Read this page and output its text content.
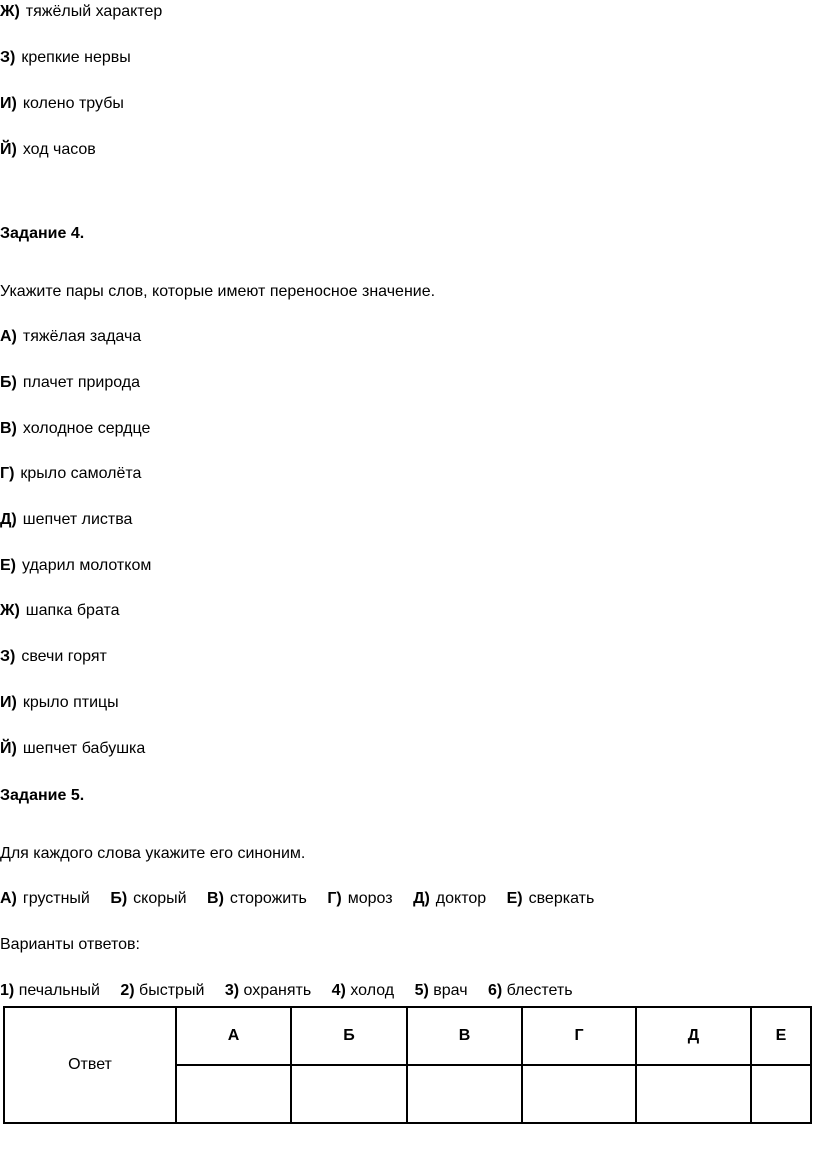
Ж) тяжёлый характер
З) крепкие нервы
И) колено трубы
Й) ход часов
Задание 4.
Укажите пары слов, которые имеют переносное значение.
А) тяжёлая задача
Б) плачет природа
В) холодное сердце
Г) крыло самолёта
Д) шепчет листва
Е) ударил молотком
Ж) шапка брата
З) свечи горят
И) крыло птицы
Й) шепчет бабушка
Задание 5.
Для каждого слова укажите его синоним.
А) грустный Б) скорый В) сторожить Г) мороз Д) доктор Е) сверкать
Варианты ответов:
1) печальный 2) быстрый 3) охранять 4) холод 5) врач 6) блестеть
Ответ	А	Б	В	Г	Д	Е
